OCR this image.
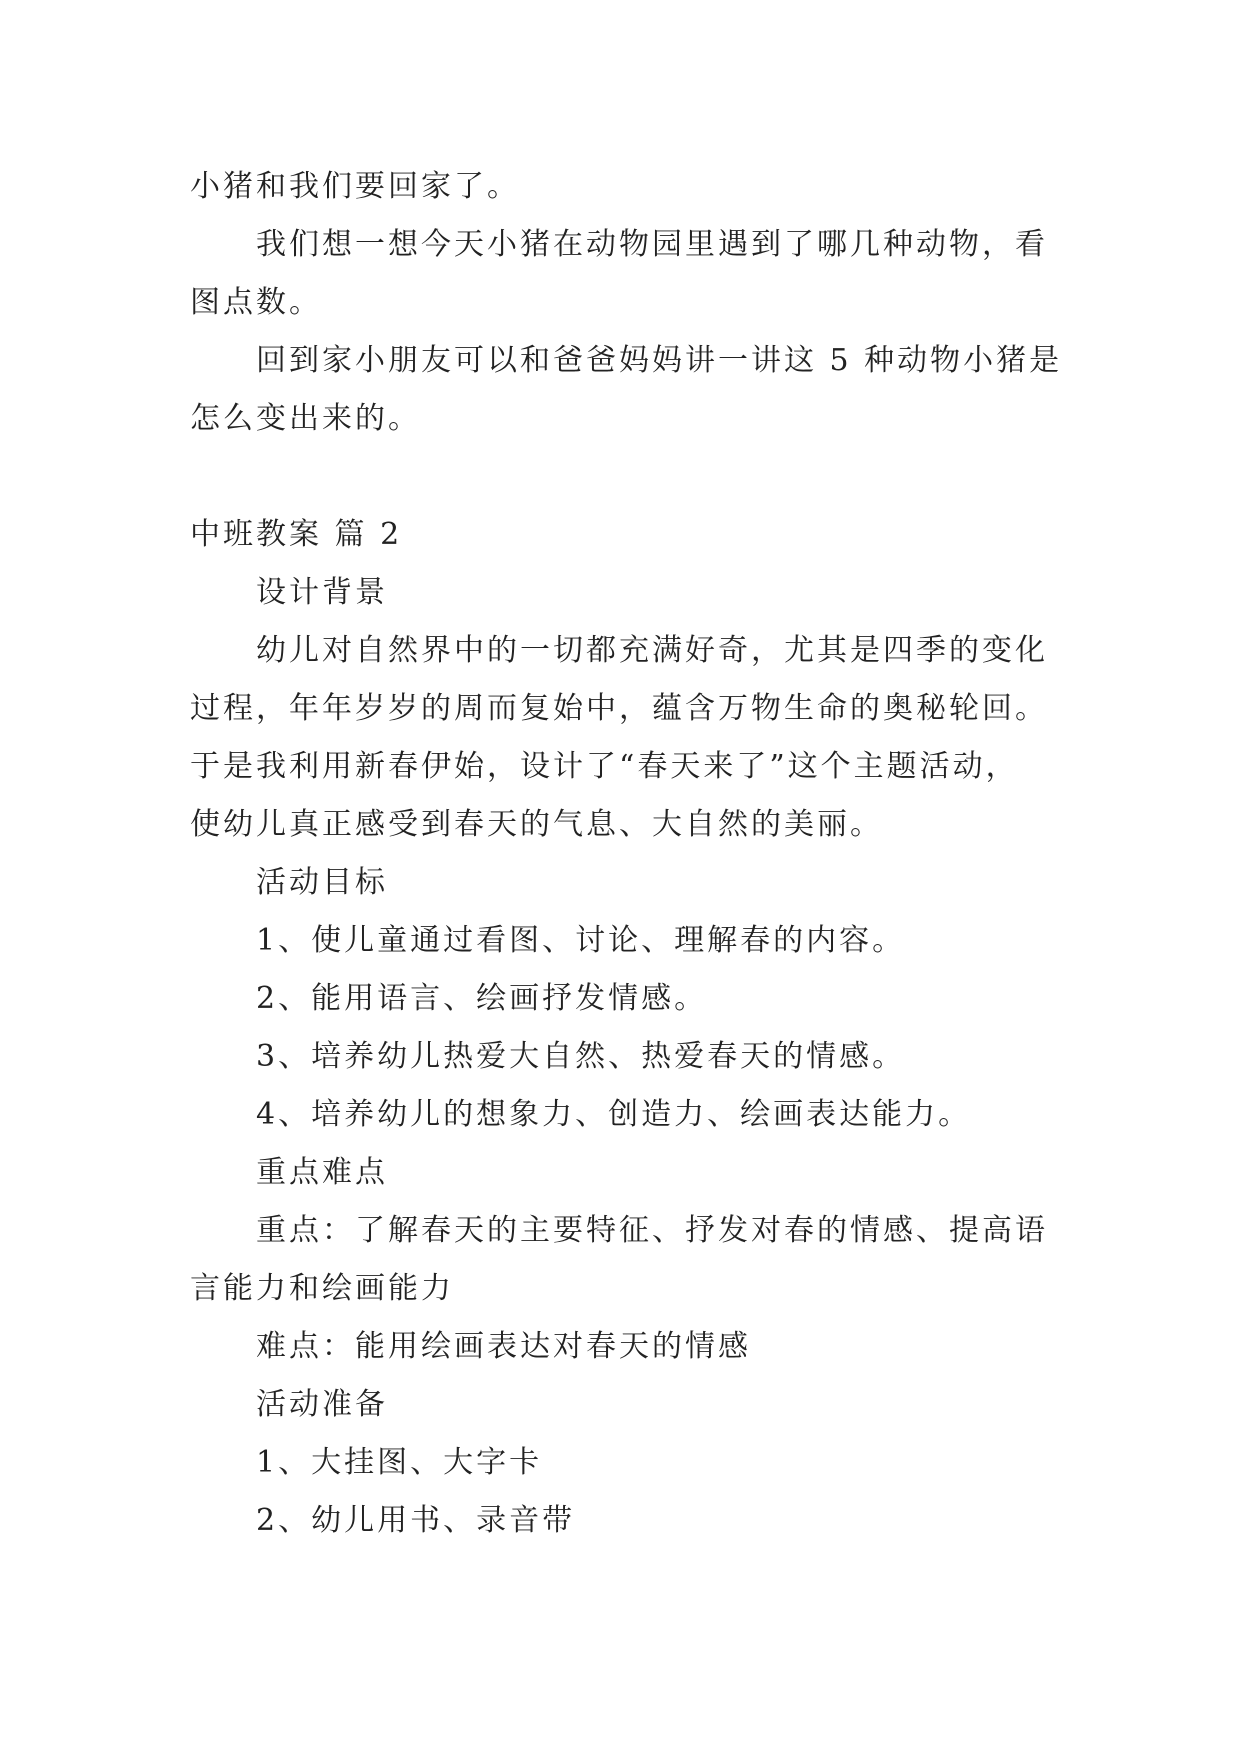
小猪和我们要回家了。

我们想一想今天小猪在动物园里遇到了哪几种动物，看

图点数。

回到家小朋友可以和爸爸妈妈讲一讲这 5 种动物小猪是

怎么变出来的。

中班教案 篇 2

设计背景

幼儿对自然界中的一切都充满好奇，尤其是四季的变化

过程，年年岁岁的周而复始中，蕴含万物生命的奥秘轮回。

于是我利用新春伊始，设计了“春天来了”这个主题活动，

使幼儿真正感受到春天的气息、大自然的美丽。

活动目标

1、使儿童通过看图、讨论、理解春的内容。

2、能用语言、绘画抒发情感。

3、培养幼儿热爱大自然、热爱春天的情感。

4、培养幼儿的想象力、创造力、绘画表达能力。

重点难点

重点：了解春天的主要特征、抒发对春的情感、提高语

言能力和绘画能力

难点：能用绘画表达对春天的情感

活动准备

1、大挂图、大字卡

2、幼儿用书、录音带
